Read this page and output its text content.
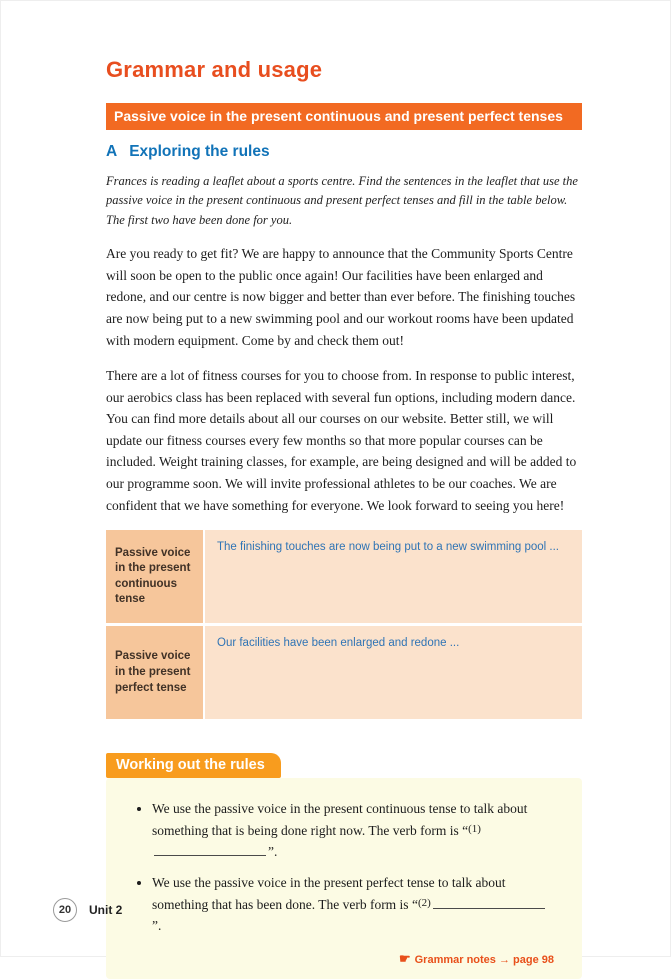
Grammar and usage
Passive voice in the present continuous and present perfect tenses
A Exploring the rules

Frances is reading a leaflet about a sports centre. Find the sentences in the leaflet that use the passive voice in the present continuous and present perfect tenses and fill in the table below. The first two have been done for you.

Are you ready to get fit? We are happy to announce that the Community Sports Centre will soon be open to the public once again! Our facilities have been enlarged and redone, and our centre is now bigger and better than ever before. The finishing touches are now being put to a new swimming pool and our workout rooms have been updated with modern equipment. Come by and check them out!

There are a lot of fitness courses for you to choose from. In response to public interest, our aerobics class has been replaced with several fun options, including modern dance. You can find more details about all our courses on our website. Better still, we will update our fitness courses every few months so that more popular courses can be included. Weight training classes, for example, are being designed and will be added to our programme soon. We will invite professional athletes to be our coaches. We are confident that we have something for everyone. We look forward to seeing you here!

Passive voice in the present continuous tense
The finishing touches are now being put to a new swimming pool ...
Passive voice in the present perfect tense
Our facilities have been enlarged and redone ...
Working out the rules
• We use the passive voice in the present continuous tense to talk about something that is being done right now. The verb form is “$^{(1)}$”.
• We use the passive voice in the present perfect tense to talk about something that has been done. The verb form is “$^{(2)}$”.
☛ Grammar notes → page 98
20	Unit 2
